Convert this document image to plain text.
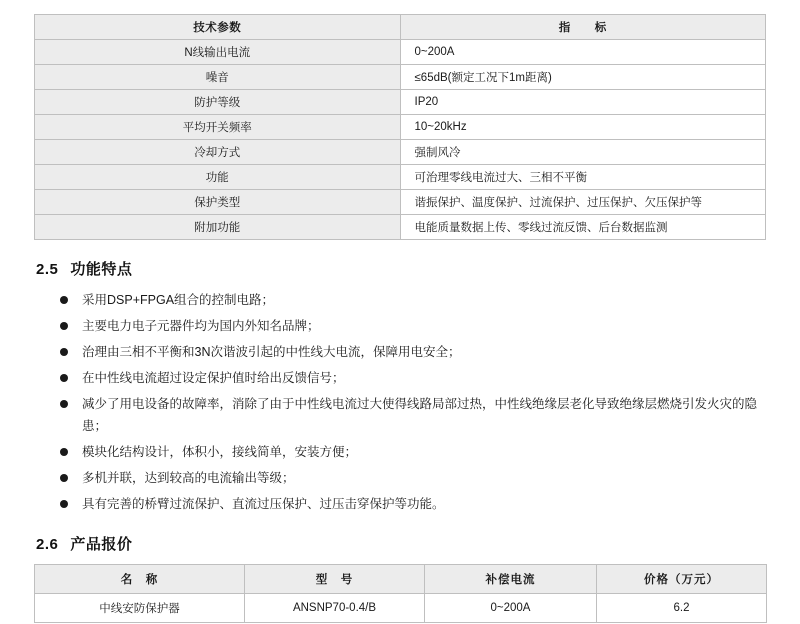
技术参数	指　　标
N线输出电流	0~200A
噪音	≤65dB(额定工况下1m距离)
防护等级	IP20
平均开关频率	10~20kHz
冷却方式	强制风冷
功能	可治理零线电流过大、三相不平衡
保护类型	谐振保护、温度保护、过流保护、过压保护、欠压保护等
附加功能	电能质量数据上传、零线过流反馈、后台数据监测
2.5 功能特点
采用DSP+FPGA组合的控制电路；
主要电力电子元器件均为国内外知名品牌；
治理由三相不平衡和3N次谐波引起的中性线大电流，保障用电安全；
在中性线电流超过设定保护值时给出反馈信号；
减少了用电设备的故障率，消除了由于中性线电流过大使得线路局部过热，中性线绝缘层老化导致绝缘层燃烧引发火灾的隐患；
模块化结构设计，体积小，接线简单，安装方便；
多机并联，达到较高的电流输出等级；
具有完善的桥臂过流保护、直流过压保护、过压击穿保护等功能。
2.6 产品报价
名　称	型　号	补偿电流	价格（万元）
中线安防保护器	ANSNP70-0.4/B	0~200A	6.2
